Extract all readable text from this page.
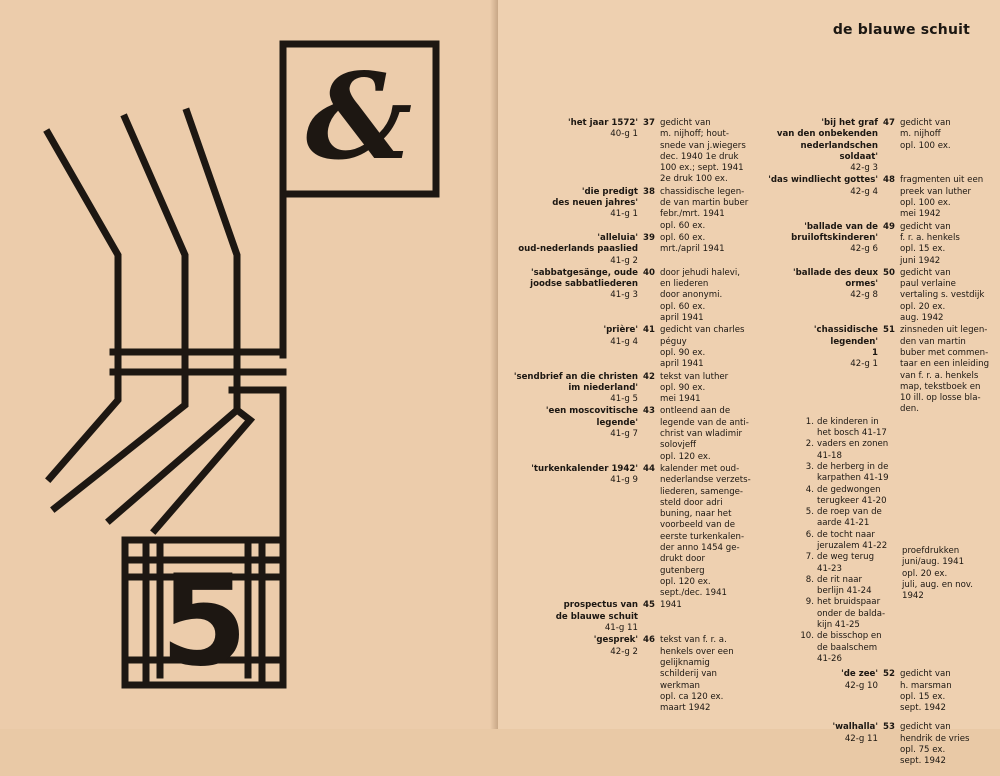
&
5
de blauwe schuit
'het jaar 1572'
40-g 1
37 gedicht van
m. nijhoff; hout-
snede van j.wiegers
dec. 1940 1e druk
100 ex.; sept. 1941
2e druk 100 ex.
'die predigt
des neuen jahres'
41-g 1
38 chassidische legen-
de van martin buber
febr./mrt. 1941
opl. 60 ex.
'alleluia'
oud-nederlands paaslied
41-g 2
39 opl. 60 ex.
mrt./april 1941
'sabbatgesänge, oude
joodse sabbatliederen
41-g 3
40 door jehudi halevi,
en liederen
door anonymi.
opl. 60 ex.
april 1941
'prière'
41-g 4
41 gedicht van charles
péguy
opl. 90 ex.
april 1941
'sendbrief an die christen
im niederland'
41-g 5
42 tekst van luther
opl. 90 ex.
mei 1941
'een moscovitische
legende'
41-g 7
43 ontleend aan de
legende van de anti-
christ van wladimir
solovjeff
opl. 120 ex.
'turkenkalender 1942'
41-g 9
44 kalender met oud-
nederlandse verzets-
liederen, samenge-
steld door adri
buning, naar het
voorbeeld van de
eerste turkenkalen-
der anno 1454 ge-
drukt door
gutenberg
opl. 120 ex.
sept./dec. 1941
prospectus van
de blauwe schuit
41-g 11
45 1941
'gesprek'
42-g 2
46 tekst van f. r. a.
henkels over een
gelijknamig
schilderij van
werkman
opl. ca 120 ex.
maart 1942
'bij het graf
van den onbekenden
nederlandschen soldaat'
42-g 3
47 gedicht van
m. nijhoff
opl. 100 ex.
'das windliecht gottes'
42-g 4
48 fragmenten uit een
preek van luther
opl. 100 ex.
mei 1942
'ballade van de
bruiloftskinderen'
42-g 6
49 gedicht van
f. r. a. henkels
opl. 15 ex.
juni 1942
'ballade des deux ormes'
42-g 8
50 gedicht van
paul verlaine
vertaling s. vestdijk
opl. 20 ex.
aug. 1942
'chassidische legenden'
1
42-g 1
51 zinsneden uit legen-
den van martin
buber met commen-
taar en een inleiding
van f. r. a. henkels
map, tekstboek en
10 ill. op losse bla-
den.
1. de kinderen in
het bosch 41-17
2. vaders en zonen
41-18
3. de herberg in de
karpathen 41-19
4. de gedwongen
terugkeer 41-20
5. de roep van de
aarde 41-21
6. de tocht naar
jeruzalem 41-22
7. de weg terug
41-23
8. de rit naar
berlijn 41-24
9. het bruidspaar
onder de balda-
kijn 41-25
10. de bisschop en
de baalschem
41-26
'de zee'
42-g 10
52 gedicht van
h. marsman
opl. 15 ex.
sept. 1942
'walhalla'
42-g 11
53 gedicht van
hendrik de vries
opl. 75 ex.
sept. 1942
proefdrukken
juni/aug. 1941
opl. 20 ex.
juli, aug. en nov.
1942
